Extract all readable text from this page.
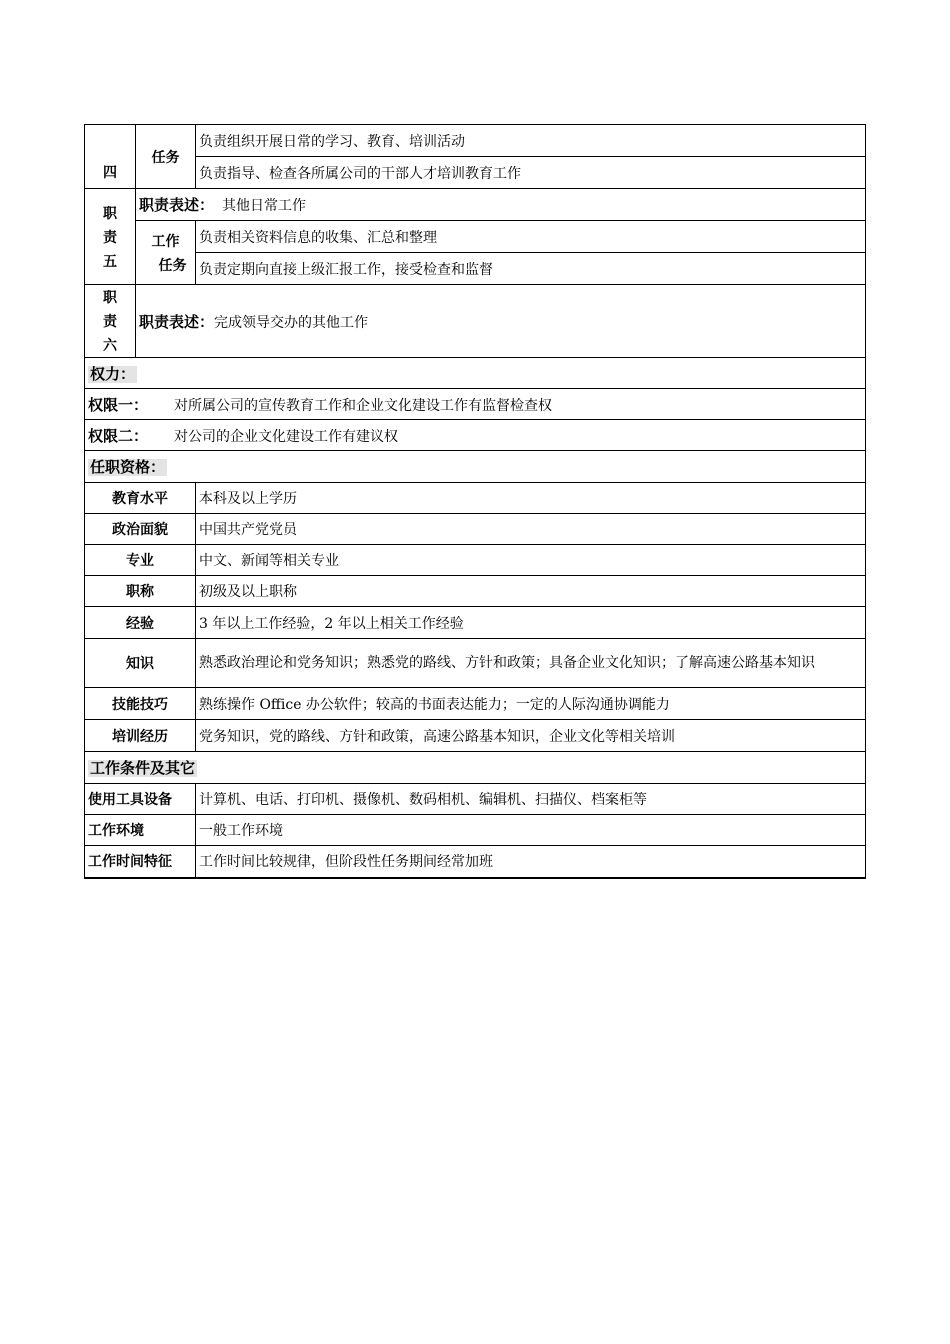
四	任务	负责组织开展日常的学习、教育、培训活动
		负责指导、检查各所属公司的干部人才培训教育工作

职
责
五	职责表述： 其他日常工作	

	工作
任务	负责相关资料信息的收集、汇总和整理
		负责定期向直接上级汇报工作，接受检查和监督

职
责
六	职责表述：完成领导交办的其他工作	
权力：		
权限一： 对所属公司的宣传教育工作和企业文化建设工作有监督检查权		
权限二： 对公司的企业文化建设工作有建议权		
任职资格：		
教育水平		本科及以上学历
政治面貌		中国共产党党员
专业		中文、新闻等相关专业
职称		初级及以上职称
经验		3 年以上工作经验，2 年以上相关工作经验
知识		熟悉政治理论和党务知识；熟悉党的路线、方针和政策；具备企业文化知识；了解高速公路基本知识
技能技巧		熟练操作 Office 办公软件；较高的书面表达能力；一定的人际沟通协调能力
培训经历		党务知识，党的路线、方针和政策，高速公路基本知识，企业文化等相关培训
工作条件及其它		
使用工具设备		计算机、电话、打印机、摄像机、数码相机、编辑机、扫描仪、档案柜等
工作环境		一般工作环境
工作时间特征		工作时间比较规律，但阶段性任务期间经常加班
